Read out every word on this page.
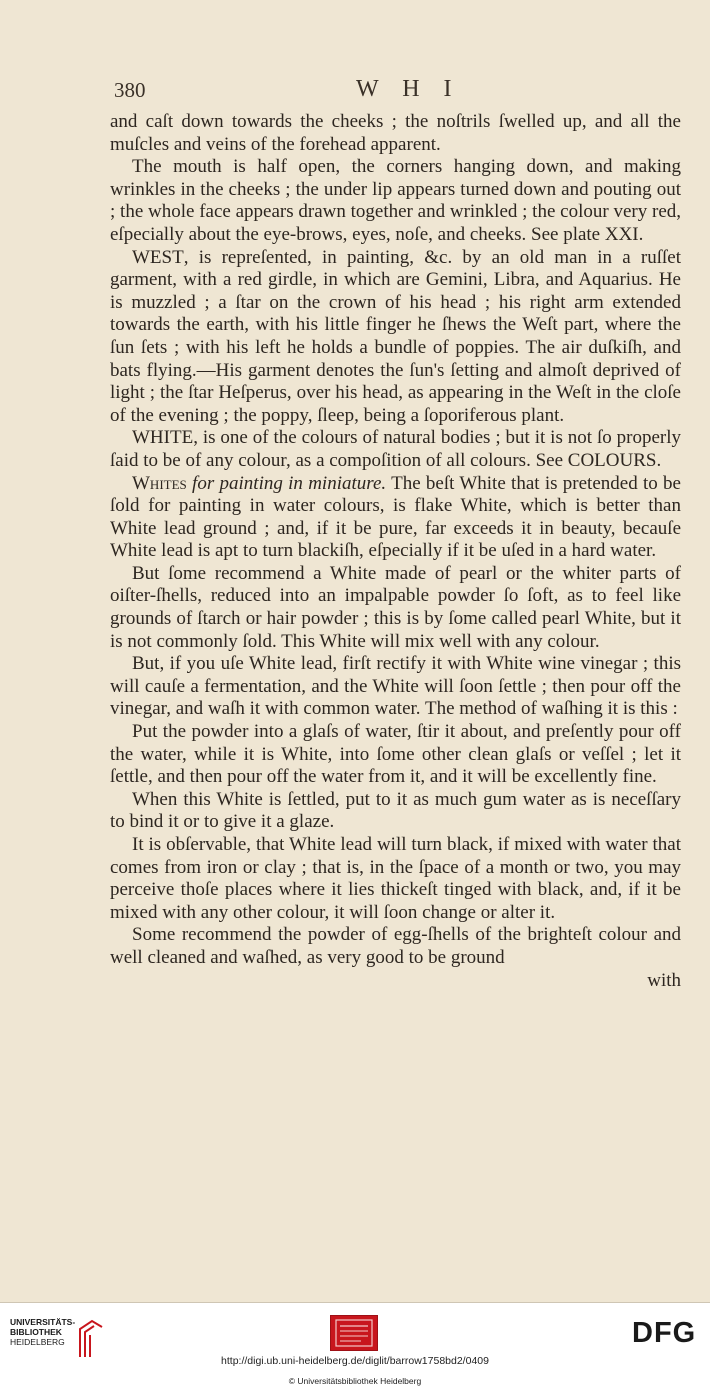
380	W H I

and caſt down towards the cheeks ; the noſtrils ſwelled up, and all the muſcles and veins of the forehead apparent.

The mouth is half open, the corners hanging down, and making wrinkles in the cheeks ; the under lip appears turned down and pouting out ; the whole face appears drawn together and wrinkled ; the colour very red, eſpecially about the eye-brows, eyes, noſe, and cheeks. See plate XXI.

WEST, is repreſented, in painting, &c. by an old man in a ruſſet garment, with a red girdle, in which are Gemini, Libra, and Aquarius. He is muzzled ; a ſtar on the crown of his head ; his right arm extended towards the earth, with his little finger he ſhews the Weſt part, where the ſun ſets ; with his left he holds a bundle of poppies. The air duſkiſh, and bats flying.—His garment denotes the ſun's ſetting and almoſt deprived of light ; the ſtar Heſperus, over his head, as appearing in the Weſt in the cloſe of the evening ; the poppy, ſleep, being a ſoporiferous plant.

WHITE, is one of the colours of natural bodies ; but it is not ſo properly ſaid to be of any colour, as a compoſition of all colours. See COLOURS.

Whites for painting in miniature. The beſt White that is pretended to be ſold for painting in water colours, is flake White, which is better than White lead ground ; and, if it be pure, far exceeds it in beauty, becauſe White lead is apt to turn blackiſh, eſpecially if it be uſed in a hard water.

But ſome recommend a White made of pearl or the whiter parts of oiſter-ſhells, reduced into an impalpable powder ſo ſoft, as to feel like grounds of ſtarch or hair powder ; this is by ſome called pearl White, but it is not commonly ſold. This White will mix well with any colour.

But, if you uſe White lead, firſt rectify it with White wine vinegar ; this will cauſe a fermentation, and the White will ſoon ſettle ; then pour off the vinegar, and waſh it with common water. The method of waſhing it is this :

Put the powder into a glaſs of water, ſtir it about, and preſently pour off the water, while it is White, into ſome other clean glaſs or veſſel ; let it ſettle, and then pour off the water from it, and it will be excellently fine.

When this White is ſettled, put to it as much gum water as is neceſſary to bind it or to give it a glaze.

It is obſervable, that White lead will turn black, if mixed with water that comes from iron or clay ; that is, in the ſpace of a month or two, you may perceive thoſe places where it lies thickeſt tinged with black, and, if it be mixed with any other colour, it will ſoon change or alter it.

Some recommend the powder of egg-ſhells of the brighteſt colour and well cleaned and waſhed, as very good to be ground

with

UNIVERSITÄTS-
BIBLIOTHEK
HEIDELBERG	DFG
http://digi.ub.uni-heidelberg.de/diglit/barrow1758bd2/0409
© Universitätsbibliothek Heidelberg
